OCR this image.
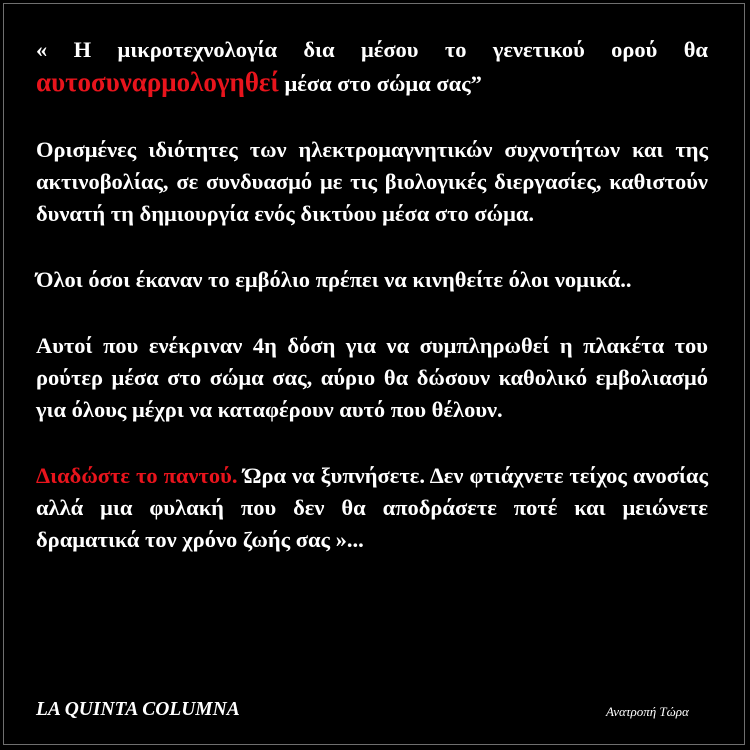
« Η μικροτεχνολογία δια μέσου το γενετικού ορού θα αυτοσυναρμολογηθεί μέσα στο σώμα σας”

Ορισμένες ιδιότητες των ηλεκτρομαγνητικών συχνοτήτων και της ακτινοβολίας, σε συνδυασμό με τις βιολογικές διεργασίες, καθιστούν δυνατή τη δημιουργία ενός δικτύου μέσα στο σώμα.

Όλοι όσοι έκαναν το εμβόλιο πρέπει να κινηθείτε όλοι νομικά..

Αυτοί που ενέκριναν 4η δόση για να συμπληρωθεί η πλακέτα του ρούτερ μέσα στο σώμα σας, αύριο θα δώσουν καθολικό εμβολιασμό για όλους μέχρι να καταφέρουν αυτό που θέλουν.

Διαδώστε το παντού. Ώρα να ξυπνήσετε. Δεν φτιάχνετε τείχος ανοσίας αλλά μια φυλακή που δεν θα αποδράσετε ποτέ και μειώνετε δραματικά τον χρόνο ζωής σας »...

LA QUINTA COLUMNA	Ανατροπή Τώρα
